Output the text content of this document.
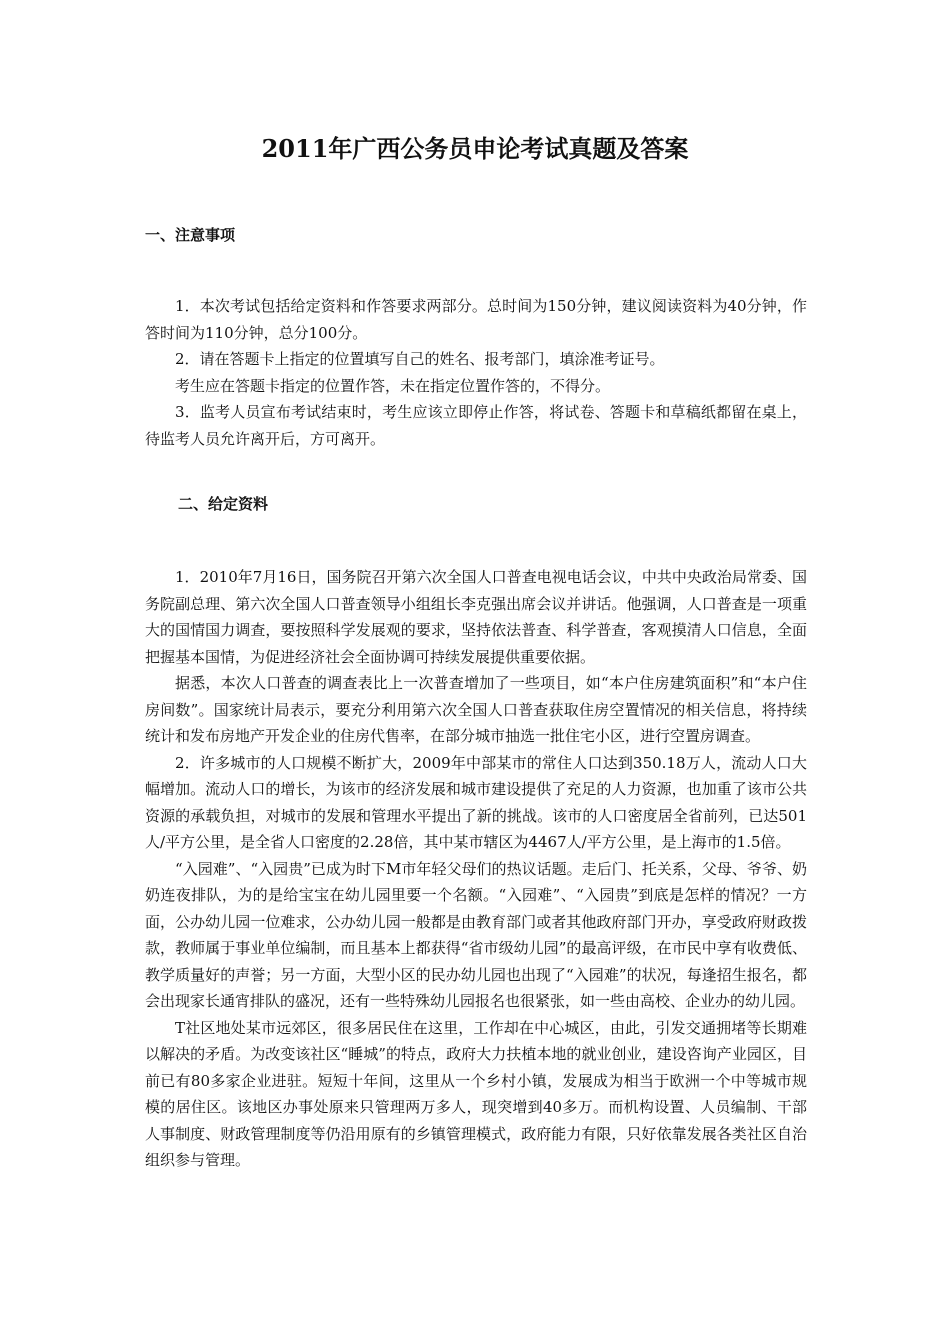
2011年广西公务员申论考试真题及答案
一、注意事项

1．本次考试包括给定资料和作答要求两部分。总时间为150分钟，建议阅读资料为40分钟，作答时间为110分钟，总分100分。

2．请在答题卡上指定的位置填写自己的姓名、报考部门，填涂准考证号。

考生应在答题卡指定的位置作答，未在指定位置作答的，不得分。

3．监考人员宣布考试结束时，考生应该立即停止作答，将试卷、答题卡和草稿纸都留在桌上，待监考人员允许离开后，方可离开。

二、给定资料

1．2010年7月16日，国务院召开第六次全国人口普查电视电话会议，中共中央政治局常委、国务院副总理、第六次全国人口普查领导小组组长李克强出席会议并讲话。他强调，人口普查是一项重大的国情国力调查，要按照科学发展观的要求，坚持依法普查、科学普查，客观摸清人口信息，全面把握基本国情，为促进经济社会全面协调可持续发展提供重要依据。

据悉，本次人口普查的调查表比上一次普查增加了一些项目，如“本户住房建筑面积”和“本户住房间数”。国家统计局表示，要充分利用第六次全国人口普查获取住房空置情况的相关信息，将持续统计和发布房地产开发企业的住房代售率，在部分城市抽选一批住宅小区，进行空置房调查。

2．许多城市的人口规模不断扩大，2009年中部某市的常住人口达到350.18万人，流动人口大幅增加。流动人口的增长，为该市的经济发展和城市建设提供了充足的人力资源，也加重了该市公共资源的承载负担，对城市的发展和管理水平提出了新的挑战。该市的人口密度居全省前列，已达501人/平方公里，是全省人口密度的2.28倍，其中某市辖区为4467人/平方公里，是上海市的1.5倍。

“入园难”、“入园贵”已成为时下M市年轻父母们的热议话题。走后门、托关系，父母、爷爷、奶奶连夜排队，为的是给宝宝在幼儿园里要一个名额。“入园难”、“入园贵”到底是怎样的情况？一方面，公办幼儿园一位难求，公办幼儿园一般都是由教育部门或者其他政府部门开办，享受政府财政拨款，教师属于事业单位编制，而且基本上都获得“省市级幼儿园”的最高评级，在市民中享有收费低、教学质量好的声誉；另一方面，大型小区的民办幼儿园也出现了“入园难”的状况，每逢招生报名，都会出现家长通宵排队的盛况，还有一些特殊幼儿园报名也很紧张，如一些由高校、企业办的幼儿园。

T社区地处某市远郊区，很多居民住在这里，工作却在中心城区，由此，引发交通拥堵等长期难以解决的矛盾。为改变该社区“睡城”的特点，政府大力扶植本地的就业创业，建设咨询产业园区，目前已有80多家企业进驻。短短十年间，这里从一个乡村小镇，发展成为相当于欧洲一个中等城市规模的居住区。该地区办事处原来只管理两万多人，现突增到40多万。而机构设置、人员编制、干部人事制度、财政管理制度等仍沿用原有的乡镇管理模式，政府能力有限，只好依靠发展各类社区自治组织参与管理。
